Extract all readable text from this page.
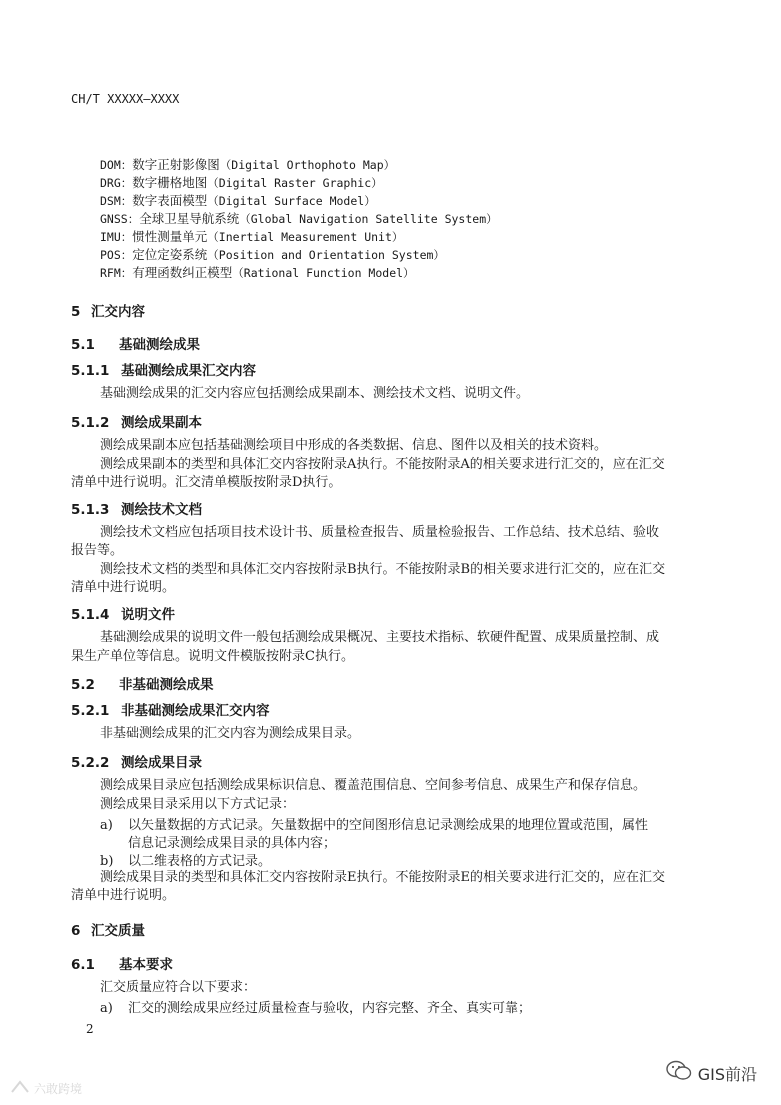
CH/T XXXXX—XXXX
DOM：数字正射影像图（Digital Orthophoto Map）
DRG：数字栅格地图（Digital Raster Graphic）
DSM：数字表面模型（Digital Surface Model）
GNSS：全球卫星导航系统（Global Navigation Satellite System）
IMU：惯性测量单元（Inertial Measurement Unit）
POS：定位定姿系统（Position and Orientation System）
RFM：有理函数纠正模型（Rational Function Model）
5 汇交内容
5.1 基础测绘成果
5.1.1 基础测绘成果汇交内容
基础测绘成果的汇交内容应包括测绘成果副本、测绘技术文档、说明文件。
5.1.2 测绘成果副本
测绘成果副本应包括基础测绘项目中形成的各类数据、信息、图件以及相关的技术资料。
测绘成果副本的类型和具体汇交内容按附录A执行。不能按附录A的相关要求进行汇交的，应在汇交
清单中进行说明。汇交清单模版按附录D执行。
5.1.3 测绘技术文档
测绘技术文档应包括项目技术设计书、质量检查报告、质量检验报告、工作总结、技术总结、验收
报告等。
测绘技术文档的类型和具体汇交内容按附录B执行。不能按附录B的相关要求进行汇交的，应在汇交
清单中进行说明。
5.1.4 说明文件
基础测绘成果的说明文件一般包括测绘成果概况、主要技术指标、软硬件配置、成果质量控制、成
果生产单位等信息。说明文件模版按附录C执行。
5.2 非基础测绘成果
5.2.1 非基础测绘成果汇交内容
非基础测绘成果的汇交内容为测绘成果目录。
5.2.2 测绘成果目录
测绘成果目录应包括测绘成果标识信息、覆盖范围信息、空间参考信息、成果生产和保存信息。
测绘成果目录采用以下方式记录：
a) 以矢量数据的方式记录。矢量数据中的空间图形信息记录测绘成果的地理位置或范围，属性
信息记录测绘成果目录的具体内容；
b) 以二维表格的方式记录。
测绘成果目录的类型和具体汇交内容按附录E执行。不能按附录E的相关要求进行汇交的，应在汇交
清单中进行说明。
6 汇交质量
6.1 基本要求
汇交质量应符合以下要求：
a) 汇交的测绘成果应经过质量检查与验收，内容完整、齐全、真实可靠；
2
GIS前沿
六敢跨境
